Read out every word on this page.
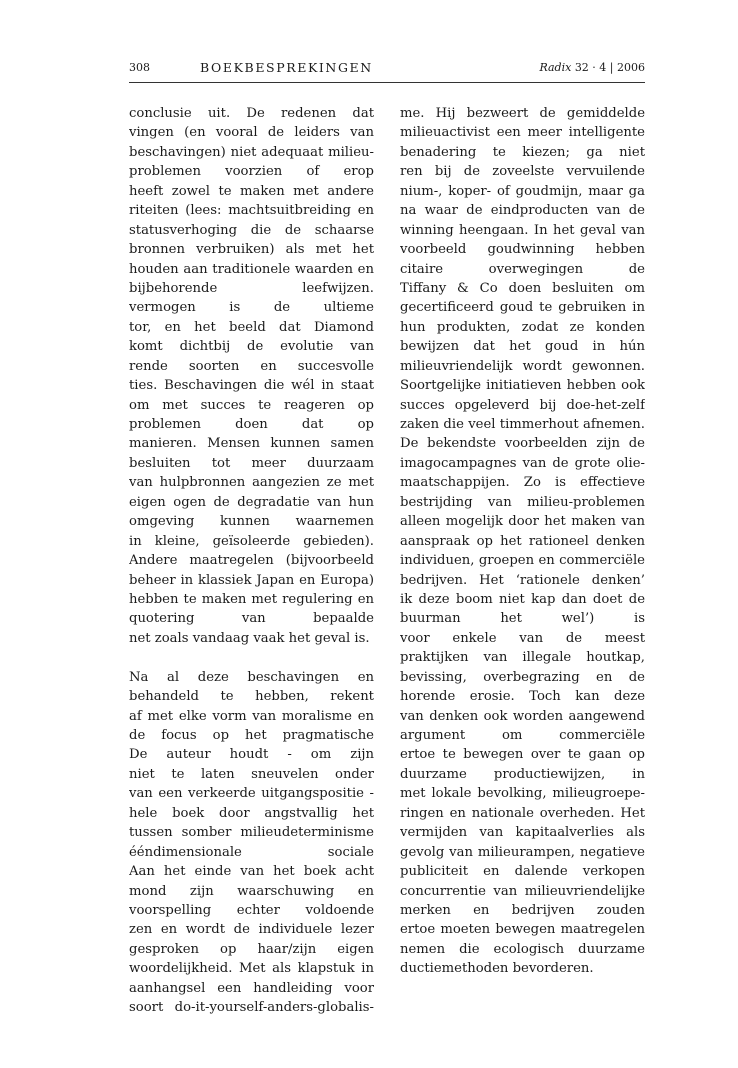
308	BOEKBESPREKINGEN	Radix 32 · 4 | 2006
conclusie uit. De redenen dat
vingen (en vooral de leiders van
beschavingen) niet adequaat milieu-
problemen voorzien of erop
heeft zowel te maken met andere
riteiten (lees: machtsuitbreiding en
statusverhoging die de schaarse
bronnen verbruiken) als met het
houden aan traditionele waarden en
bijbehorende leefwijzen.
vermogen is de ultieme
tor, en het beeld dat Diamond
komt dichtbij de evolutie van
rende soorten en succesvolle
ties. Beschavingen die wél in staat
om met succes te reageren op
problemen doen dat op
manieren. Mensen kunnen samen
besluiten tot meer duurzaam
van hulpbronnen aangezien ze met
eigen ogen de degradatie van hun
omgeving kunnen waarnemen
in kleine, geïsoleerde gebieden).
Andere maatregelen (bijvoorbeeld
beheer in klassiek Japan en Europa)
hebben te maken met regulering en
quotering van bepaalde
net zoals vandaag vaak het geval is.
Na al deze beschavingen en
behandeld te hebben, rekent
af met elke vorm van moralisme en
de focus op het pragmatische
De auteur houdt - om zijn
niet te laten sneuvelen onder
van een verkeerde uitgangspositie -
hele boek door angstvallig het
tussen somber milieudeterminisme
ééndimensionale sociale
Aan het einde van het boek acht
mond zijn waarschuwing en
voorspelling echter voldoende
zen en wordt de individuele lezer
gesproken op haar/zijn eigen
woordelijkheid. Met als klapstuk in
aanhangsel een handleiding voor
soort do-it-yourself-anders-globalis-
me. Hij bezweert de gemiddelde
milieuactivist een meer intelligente
benadering te kiezen; ga niet
ren bij de zoveelste vervuilende
nium-, koper- of goudmijn, maar ga
na waar de eindproducten van de
winning heengaan. In het geval van
voorbeeld goudwinning hebben
citaire overwegingen de
Tiffany & Co doen besluiten om
gecertificeerd goud te gebruiken in
hun produkten, zodat ze konden
bewijzen dat het goud in hún
milieuvriendelijk wordt gewonnen.
Soortgelijke initiatieven hebben ook
succes opgeleverd bij doe-het-zelf
zaken die veel timmerhout afnemen.
De bekendste voorbeelden zijn de
imagocampagnes van de grote olie-
maatschappijen. Zo is effectieve
bestrijding van milieu-problemen
alleen mogelijk door het maken van
aanspraak op het rationeel denken
individuen, groepen en commerciële
bedrijven. Het ‘rationele denken’
ik deze boom niet kap dan doet de
buurman het wel’) is
voor enkele van de meest
praktijken van illegale houtkap,
bevissing, overbegrazing en de
horende erosie. Toch kan deze
van denken ook worden aangewend
argument om commerciële
ertoe te bewegen over te gaan op
duurzame productiewijzen, in
met lokale bevolking, milieugroepe-
ringen en nationale overheden. Het
vermijden van kapitaalverlies als
gevolg van milieurampen, negatieve
publiciteit en dalende verkopen
concurrentie van milieuvriendelijke
merken en bedrijven zouden
ertoe moeten bewegen maatregelen
nemen die ecologisch duurzame
ductiemethoden bevorderen.
